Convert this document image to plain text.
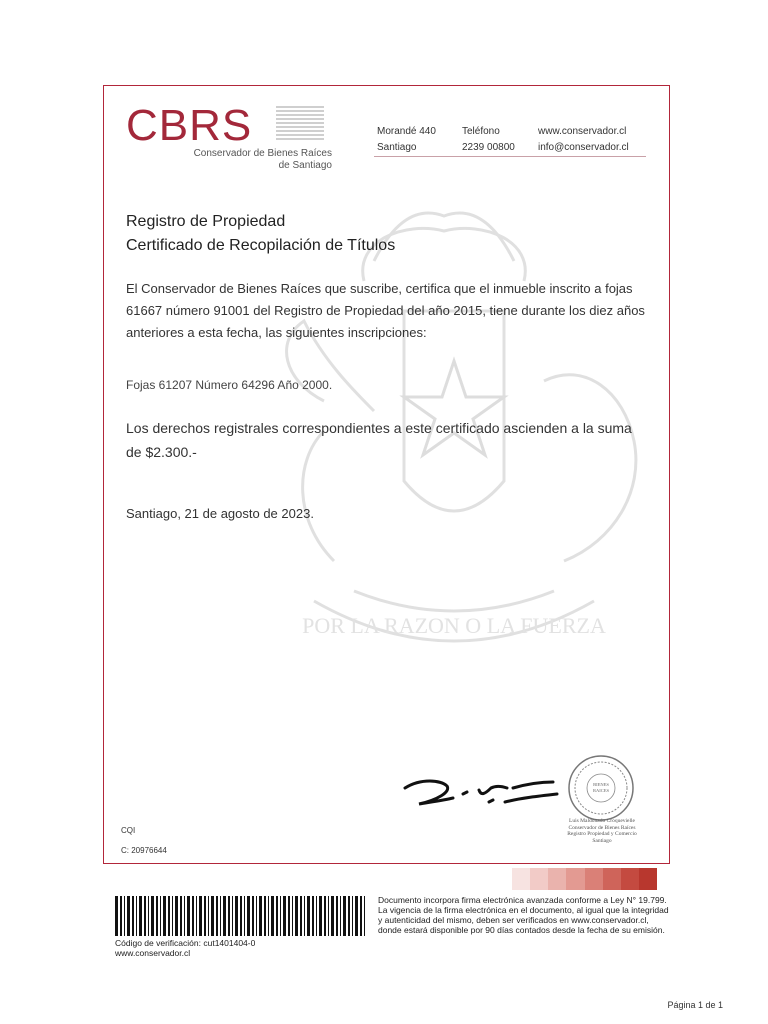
POR LA RAZON O LA FUERZA
CBRS
Conservador de Bienes Raíces
de Santiago
Morandé 440
Santiago
Teléfono
2239 00800
www.conservador.cl
info@conservador.cl
Registro de Propiedad
Certificado de Recopilación de Títulos
El Conservador de Bienes Raíces que suscribe, certifica que el inmueble inscrito a fojas 61667 número 91001 del Registro de Propiedad del año 2015, tiene durante los diez años anteriores a esta fecha, las siguientes inscripciones:
Fojas 61207 Número 64296 Año 2000.
Los derechos registrales correspondientes a este certificado ascienden a la suma de $2.300.-
Santiago, 21 de agosto de 2023.
BIENES
RAICES
Luis Maldonado Croquevielle
Conservador de Bienes Raíces
Registro Propiedad y Comercio
Santiago
CQI
C: 20976644
Código de verificación: cut1401404-0
www.conservador.cl
Documento incorpora firma electrónica avanzada conforme a Ley N° 19.799. La vigencia de la firma electrónica en el documento, al igual que la integridad y autenticidad del mismo, deben ser verificados en www.conservador.cl, donde estará disponible por 90 días contados desde la fecha de su emisión.
Página 1 de 1
